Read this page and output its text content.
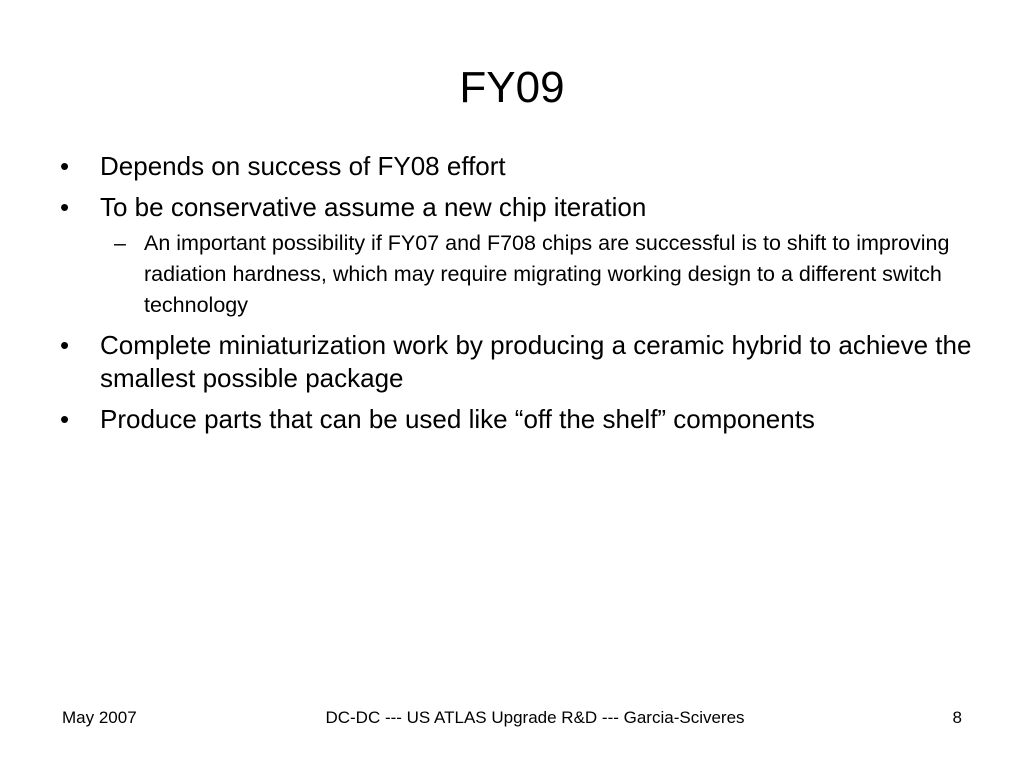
FY09
• Depends on success of FY08 effort
• To be conservative assume a new chip iteration
– An important possibility if FY07 and F708 chips are successful is to shift to improving radiation hardness, which may require migrating working design to a different switch technology
• Complete miniaturization work by producing a ceramic hybrid to achieve the smallest possible package
• Produce parts that can be used like “off the shelf” components
May 2007	DC-DC --- US ATLAS Upgrade R&D --- Garcia-Sciveres	8
